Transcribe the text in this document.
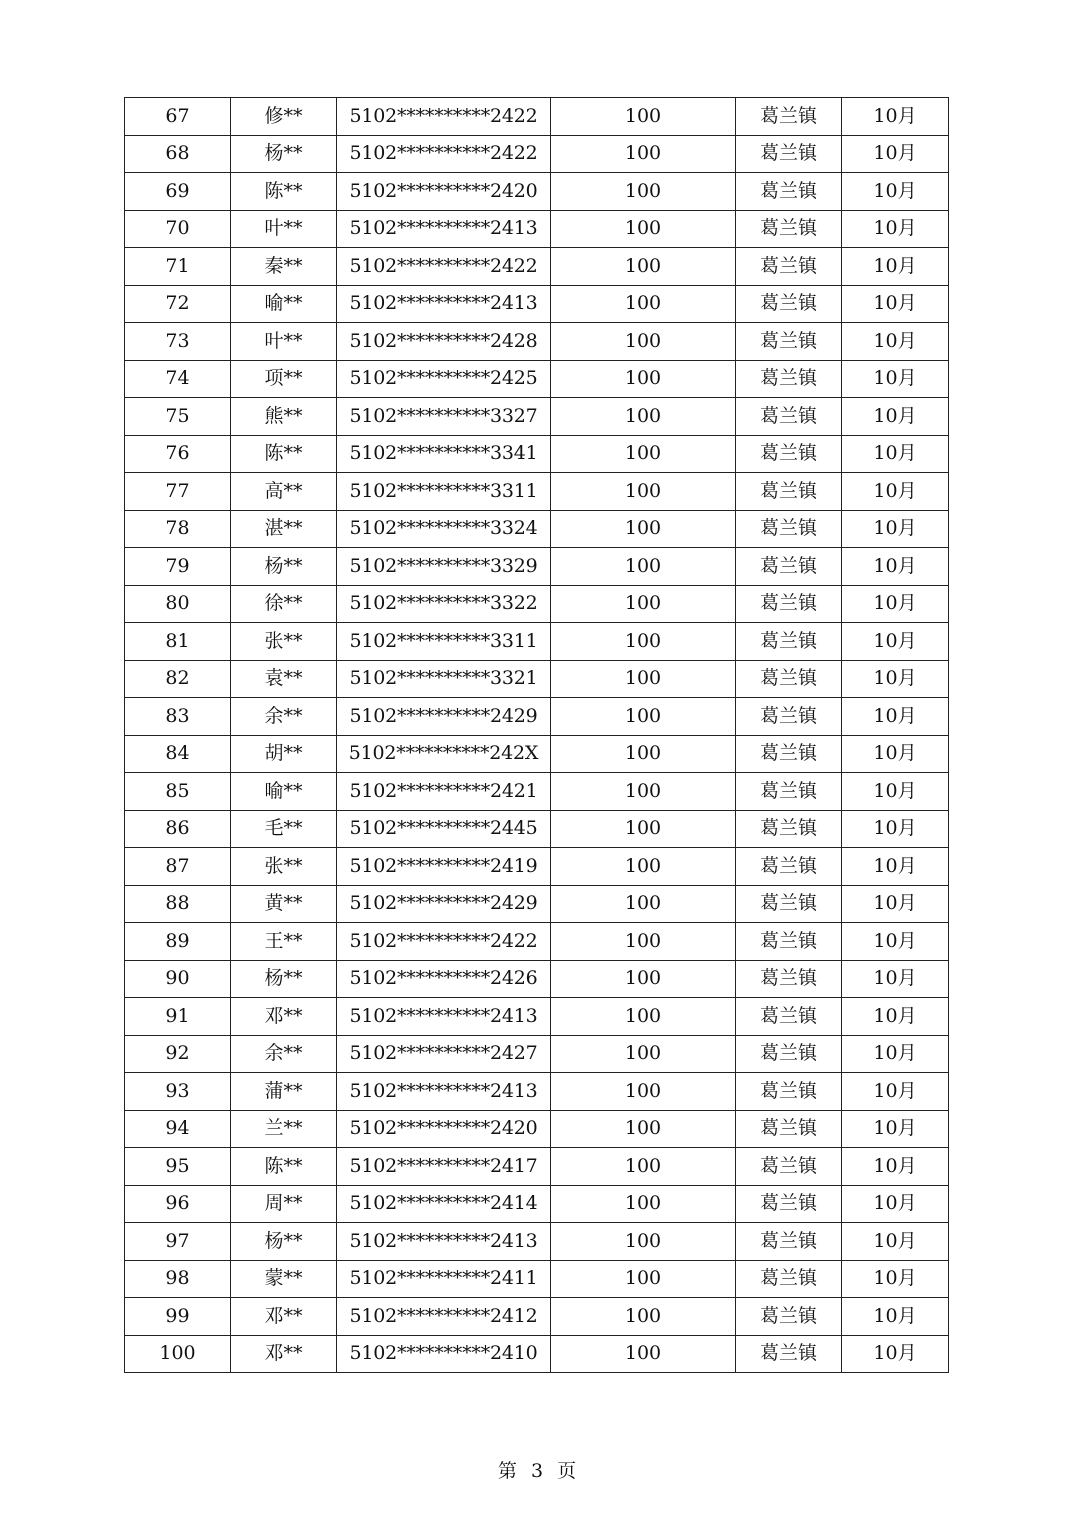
67	修**	5102**********2422	100	葛兰镇	10月
68	杨**	5102**********2422	100	葛兰镇	10月
69	陈**	5102**********2420	100	葛兰镇	10月
70	叶**	5102**********2413	100	葛兰镇	10月
71	秦**	5102**********2422	100	葛兰镇	10月
72	喻**	5102**********2413	100	葛兰镇	10月
73	叶**	5102**********2428	100	葛兰镇	10月
74	项**	5102**********2425	100	葛兰镇	10月
75	熊**	5102**********3327	100	葛兰镇	10月
76	陈**	5102**********3341	100	葛兰镇	10月
77	高**	5102**********3311	100	葛兰镇	10月
78	湛**	5102**********3324	100	葛兰镇	10月
79	杨**	5102**********3329	100	葛兰镇	10月
80	徐**	5102**********3322	100	葛兰镇	10月
81	张**	5102**********3311	100	葛兰镇	10月
82	袁**	5102**********3321	100	葛兰镇	10月
83	余**	5102**********2429	100	葛兰镇	10月
84	胡**	5102**********242X	100	葛兰镇	10月
85	喻**	5102**********2421	100	葛兰镇	10月
86	毛**	5102**********2445	100	葛兰镇	10月
87	张**	5102**********2419	100	葛兰镇	10月
88	黄**	5102**********2429	100	葛兰镇	10月
89	王**	5102**********2422	100	葛兰镇	10月
90	杨**	5102**********2426	100	葛兰镇	10月
91	邓**	5102**********2413	100	葛兰镇	10月
92	余**	5102**********2427	100	葛兰镇	10月
93	蒲**	5102**********2413	100	葛兰镇	10月
94	兰**	5102**********2420	100	葛兰镇	10月
95	陈**	5102**********2417	100	葛兰镇	10月
96	周**	5102**********2414	100	葛兰镇	10月
97	杨**	5102**********2413	100	葛兰镇	10月
98	蒙**	5102**********2411	100	葛兰镇	10月
99	邓**	5102**********2412	100	葛兰镇	10月
100	邓**	5102**********2410	100	葛兰镇	10月
第 3 页
